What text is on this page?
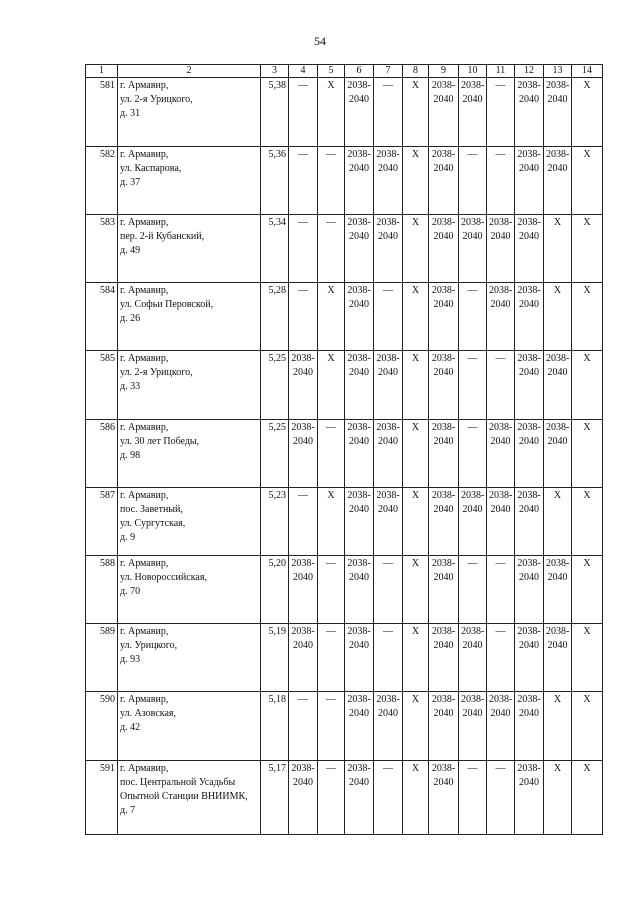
54
1	2	3	4	5	6	7	8	9	10	11	12	13	14
581	г. Армавир,
ул. 2-я Урицкого,
д. 31	5,38	—	X	2038-
2040	—	X	2038-
2040	2038-
2040	—	2038-
2040	2038-
2040	X

582	г. Армавир,
ул. Каспарова,
д. 37	5,36	—	—	2038-
2040	2038-
2040	X	2038-
2040	—	—	2038-
2040	2038-
2040	X

583	г. Армавир,
пер. 2-й Кубанский,
д. 49	5,34	—	—	2038-
2040	2038-
2040	X	2038-
2040	2038-
2040	2038-
2040	2038-
2040	X	X

584	г. Армавир,
ул. Софьи Перовской,
д. 26	5,28	—	X	2038-
2040	—	X	2038-
2040	—	2038-
2040	2038-
2040	X	X

585	г. Армавир,
ул. 2-я Урицкого,
д. 33	5,25	2038-
2040	X	2038-
2040	2038-
2040	X	2038-
2040	—	—	2038-
2040	2038-
2040	X

586	г. Армавир,
ул. 30 лет Победы,
д. 98	5,25	2038-
2040	—	2038-
2040	2038-
2040	X	2038-
2040	—	2038-
2040	2038-
2040	2038-
2040	X

587	г. Армавир,
пос. Заветный,
ул. Сургутская,
д. 9	5,23	—	X	2038-
2040	2038-
2040	X	2038-
2040	2038-
2040	2038-
2040	2038-
2040	X	X

588	г. Армавир,
ул. Новороссийская,
д. 70	5,20	2038-
2040	—	2038-
2040	—	X	2038-
2040	—	—	2038-
2040	2038-
2040	X

589	г. Армавир,
ул. Урицкого,
д. 93	5,19	2038-
2040	—	2038-
2040	—	X	2038-
2040	2038-
2040	—	2038-
2040	2038-
2040	X

590	г. Армавир,
ул. Азовская,
д. 42	5,18	—	—	2038-
2040	2038-
2040	X	2038-
2040	2038-
2040	2038-
2040	2038-
2040	X	X

591	г. Армавир,
пос. Центральной Усадьбы
Опытной Станции ВНИИМК,
д. 7	5,17	2038-
2040	—	2038-
2040	—	X	2038-
2040	—	—	2038-
2040	X	X
